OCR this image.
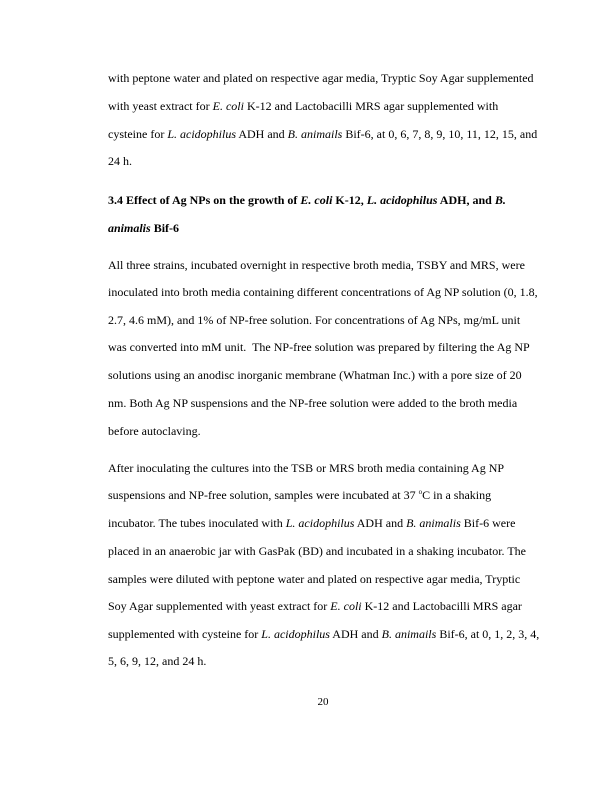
with peptone water and plated on respective agar media, Tryptic Soy Agar supplemented
with yeast extract for E. coli K-12 and Lactobacilli MRS agar supplemented with
cysteine for L. acidophilus ADH and B. animails Bif-6, at 0, 6, 7, 8, 9, 10, 11, 12, 15, and
24 h.
3.4 Effect of Ag NPs on the growth of E. coli K-12, L. acidophilus ADH, and B.
animalis Bif-6
All three strains, incubated overnight in respective broth media, TSBY and MRS, were
inoculated into broth media containing different concentrations of Ag NP solution (0, 1.8,
2.7, 4.6 mM), and 1% of NP-free solution. For concentrations of Ag NPs, mg/mL unit
was converted into mM unit.  The NP-free solution was prepared by filtering the Ag NP
solutions using an anodisc inorganic membrane (Whatman Inc.) with a pore size of 20
nm. Both Ag NP suspensions and the NP-free solution were added to the broth media
before autoclaving.
After inoculating the cultures into the TSB or MRS broth media containing Ag NP
suspensions and NP-free solution, samples were incubated at 37 $^o$C in a shaking
incubator. The tubes inoculated with L. acidophilus ADH and B. animalis Bif-6 were
placed in an anaerobic jar with GasPak (BD) and incubated in a shaking incubator. The
samples were diluted with peptone water and plated on respective agar media, Tryptic
Soy Agar supplemented with yeast extract for E. coli K-12 and Lactobacilli MRS agar
supplemented with cysteine for L. acidophilus ADH and B. animails Bif-6, at 0, 1, 2, 3, 4,
5, 6, 9, 12, and 24 h.
20
